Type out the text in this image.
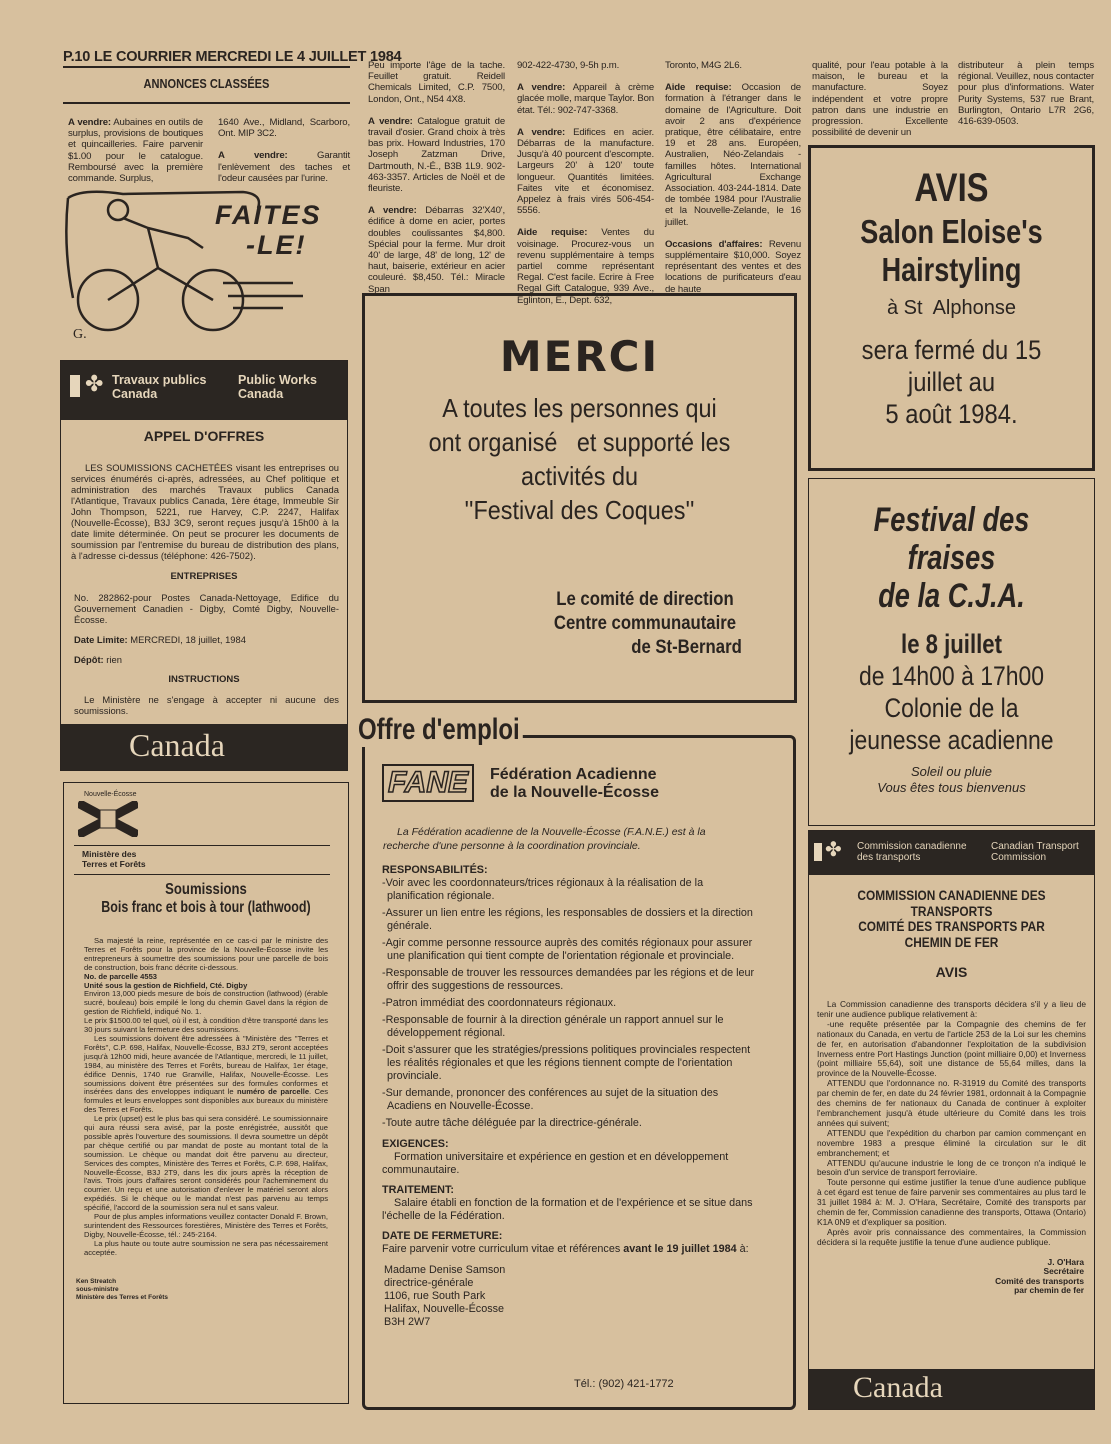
P.10 LE COURRIER MERCREDI LE 4 JUILLET 1984
ANNONCES CLASSÉES

A vendre: Aubaines en outils de surplus, provisions de boutiques et quincailleries. Faire parvenir $1.00 pour le catalogue. Remboursé avec la première commande. Surplus,

1640 Ave., Midland, Scarboro, Ont. MIP 3C2.

A vendre: Garantit l'enlèvement des taches et l'odeur causées par l'urine.

Peu importe l'âge de la tache. Feuillet gratuit. Reidell Chemicals Limited, C.P. 7500, London, Ont., N54 4X8.

A vendre: Catalogue gratuit de travail d'osier. Grand choix à très bas prix. Howard Industries, 170 Joseph Zatzman Drive, Dartmouth, N.-É., B3B 1L9. 902-463-3357. Articles de Noël et de fleuriste.

A vendre: Débarras 32'X40', édifice à dome en acier, portes doubles coulissantes $4,800. Spécial pour la ferme. Mur droit 40' de large, 48' de long, 12' de haut, baiserie, extérieur en acier couleuré. $8,450. Tél.: Miracle Span

902-422-4730, 9-5h p.m.

A vendre: Appareil à crème glacée molle, marque Taylor. Bon état. Tél.: 902-747-3368.

A vendre: Edifices en acier. Débarras de la manufacture. Jusqu'à 40 pourcent d'escompte. Largeurs 20' à 120' toute longueur. Quantités limitées. Faites vite et économisez. Appelez à frais virés 506-454-5556.

Aide requise: Ventes du voisinage. Procurez-vous un revenu supplémentaire à temps partiel comme représentant Regal. C'est facile. Ecrire à Free Regal Gift Catalogue, 939 Ave., Eglinton, E., Dept. 632,

Toronto, M4G 2L6.

Aide requise: Occasion de formation à l'étranger dans le domaine de l'Agriculture. Doit avoir 2 ans d'expérience pratique, être célibataire, entre 19 et 28 ans. Européen, Australien, Néo-Zelandais - familles hôtes. International Agricultural Exchange Association. 403-244-1814. Date de tombée 1984 pour l'Australie et la Nouvelle-Zelande, le 16 juillet.

Occasions d'affaires: Revenu supplémentaire $10,000. Soyez représentant des ventes et des locations de purificateurs d'eau de haute

qualité, pour l'eau potable à la maison, le bureau et la manufacture. Soyez indépendent et votre propre patron dans une industrie en progression. Excellente possibilité de devenir un

distributeur à plein temps régional. Veuillez, nous contacter pour plus d'informations. Water Purity Systems, 537 rue Brant, Burlington, Ontario L7R 2G6, 416-639-0503.

G.
FAITES
-LE!
✤ Travaux publics Canada
Public Works Canada
APPEL D'OFFRES
LES SOUMISSIONS CACHETÉES visant les entreprises ou services énumérés ci-après, adressées, au Chef politique et administration des marchés Travaux publics Canada l'Atlantique, Travaux publics Canada, 1ère étage, Immeuble Sir John Thompson, 5221, rue Harvey, C.P. 2247, Halifax (Nouvelle-Écosse), B3J 3C9, seront reçues jusqu'à 15h00 à la date limite déterminée. On peut se procurer les documents de soumission par l'entremise du bureau de distribution des plans, à l'adresse ci-dessus (téléphone: 426-7502).
ENTREPRISES
No. 282862-pour Postes Canada-Nettoyage, Edifice du Gouvernement Canadien - Digby, Comté Digby, Nouvelle-Écosse.
Date Limite: MERCREDI, 18 juillet, 1984
Dépôt: rien
INSTRUCTIONS
Le Ministère ne s'engage à accepter ni aucune des soumissions.
Canada
Nouvelle-Écosse
Ministère des
Terres et Forêts
Soumissions
Bois franc et bois à tour (lathwood)
Sa majesté la reine, représentée en ce cas-ci par le ministre des Terres et Forêts pour la province de la Nouvelle-Écosse invite les entrepreneurs à soumettre des soumissions pour une parcelle de bois de construction, bois franc décrite ci-dessous.
No. de parcelle 4553
Unité sous la gestion de Richfield, Cté. Digby
Environ 13,000 pieds mesure de bois de construction (lathwood) (érable sucré, bouleau) bois empilé le long du chemin Gavel dans la région de gestion de Richfield, indiqué No. 1.
Le prix $1500.00 tel quel, où il est, à condition d'être transporté dans les 30 jours suivant la fermeture des soumissions.
Les soumissions doivent être adressées à ''Ministère des ''Terres et Forêts'', C.P. 698, Halifax, Nouvelle-Écosse, B3J 2T9, seront acceptées jusqu'à 12h00 midi, heure avancée de l'Atlantique, mercredi, le 11 juillet, 1984, au ministère des Terres et Forêts, bureau de Halifax, 1er étage, édifice Dennis, 1740 rue Granville, Halifax, Nouvelle-Écosse. Les soumissions doivent être présentées sur des formules conformes et insérées dans des enveloppes indiquant le numéro de parcelle. Ces formules et leurs enveloppes sont disponibles aux bureaux du ministère des Terres et Forêts.
Le prix (upset) est le plus bas qui sera considéré. Le soumissionnaire qui aura réussi sera avisé, par la poste enrégistrée, aussitôt que possible après l'ouverture des soumissions. Il devra soumettre un dépôt par chèque certifié ou par mandat de poste au montant total de la soumission. Le chèque ou mandat doit être parvenu au directeur, Services des comptes, Ministère des Terres et Forêts, C.P. 698, Halifax, Nouvelle-Écosse, B3J 2T9, dans les dix jours après la réception de l'avis. Trois jours d'affaires seront considérés pour l'acheminement du courrier. Un reçu et une autorisation d'enlever le matériel seront alors expédiés. Si le chèque ou le mandat n'est pas parvenu au temps spécifié, l'accord de la soumission sera nul et sans valeur.
Pour de plus amples informations veuillez contacter Donald F. Brown, surintendent des Ressources forestières, Ministère des Terres et Forêts, Digby, Nouvelle-Écosse, tél.: 245-2164.
La plus haute ou toute autre soumission ne sera pas nécessairement acceptée.
Ken Streatch
sous-ministre
Ministère des Terres et Forêts
MERCI
A toutes les personnes qui
ont organisé   et supporté les
activités du
''Festival des Coques''
Le comité de direction
Centre communautaire
de St-Bernard
Offre d'emploi
FANE	Fédération Acadienne
de la Nouvelle-Écosse
La Fédération acadienne de la Nouvelle-Écosse (F.A.N.E.) est à la recherche d'une personne à la coordination provinciale.
RESPONSABILITÉS:
-Voir avec les coordonnateurs/trices régionaux à la réalisation de la planification régionale.
-Assurer un lien entre les régions, les responsables de dossiers et la direction générale.
-Agir comme personne ressource auprès des comités régionaux pour assurer une planification qui tient compte de l'orientation régionale et provinciale.
-Responsable de trouver les ressources demandées par les régions et de leur offrir des suggestions de ressources.
-Patron immédiat des coordonnateurs régionaux.
-Responsable de fournir à la direction générale un rapport annuel sur le développement régional.
-Doit s'assurer que les stratégies/pressions politiques provinciales respectent les réalités régionales et que les régions tiennent compte de l'orientation provinciale.
-Sur demande, prononcer des conférences au sujet de la situation des Acadiens en Nouvelle-Écosse.
-Toute autre tâche déléguée par la directrice-générale.
EXIGENCES:
Formation universitaire et expérience en gestion et en développement communautaire.
TRAITEMENT:
Salaire établi en fonction de la formation et de l'expérience et se situe dans l'échelle de la Fédération.
DATE DE FERMETURE:
Faire parvenir votre curriculum vitae et références avant le 19 juillet 1984 à:
Madame Denise Samson
directrice-générale
1106, rue South Park
Halifax, Nouvelle-Écosse
B3H 2W7
Tél.: (902) 421-1772
AVIS
Salon Eloise's
Hairstyling
à St  Alphonse
sera fermé du 15
juillet au
5 août 1984.
Festival des
fraises
de la C.J.A.
le 8 juillet
de 14h00 à 17h00
Colonie de la
jeunesse acadienne
Soleil ou pluie
Vous êtes tous bienvenus
✤ Commission canadienne
des transports
Canadian Transport
Commission
COMMISSION CANADIENNE DES
TRANSPORTS
COMITÉ DES TRANSPORTS PAR
CHEMIN DE FER
AVIS
La Commission canadienne des transports décidera s'il y a lieu de tenir une audience publique relativement à:
-une requête présentée par la Compagnie des chemins de fer nationaux du Canada, en vertu de l'article 253 de la Loi sur les chemins de fer, en autorisation d'abandonner l'exploitation de la subdivision Inverness entre Port Hastings Junction (point milliaire 0,00) et Inverness (point milliaire 55,64), soit une distance de 55,64 milles, dans la province de la Nouvelle-Écosse.
ATTENDU que l'ordonnance no. R-31919 du Comité des transports par chemin de fer, en date du 24 février 1981, ordonnait à la Compagnie des chemins de fer nationaux du Canada de continuer à exploiter l'embranchement jusqu'à étude ultérieure du Comité dans les trois années qui suivent;
ATTENDU que l'expédition du charbon par camion commençant en novembre 1983 a presque éliminé la circulation sur le dit embranchement; et
ATTENDU qu'aucune industrie le long de ce tronçon n'a indiqué le besoin d'un service de transport ferroviaire.
Toute personne qui estime justifier la tenue d'une audience publique à cet égard est tenue de faire parvenir ses commentaires au plus tard le 31 juillet 1984 à: M. J. O'Hara, Secrétaire, Comité des transports par chemin de fer, Commission canadienne des transports, Ottawa (Ontario) K1A 0N9 et d'expliquer sa position.
Après avoir pris connaissance des commentaires, la Commission décidera si la requête justifie la tenue d'une audience publique.
J. O'Hara
Secrétaire
Comité des transports
par chemin de fer
Canada
